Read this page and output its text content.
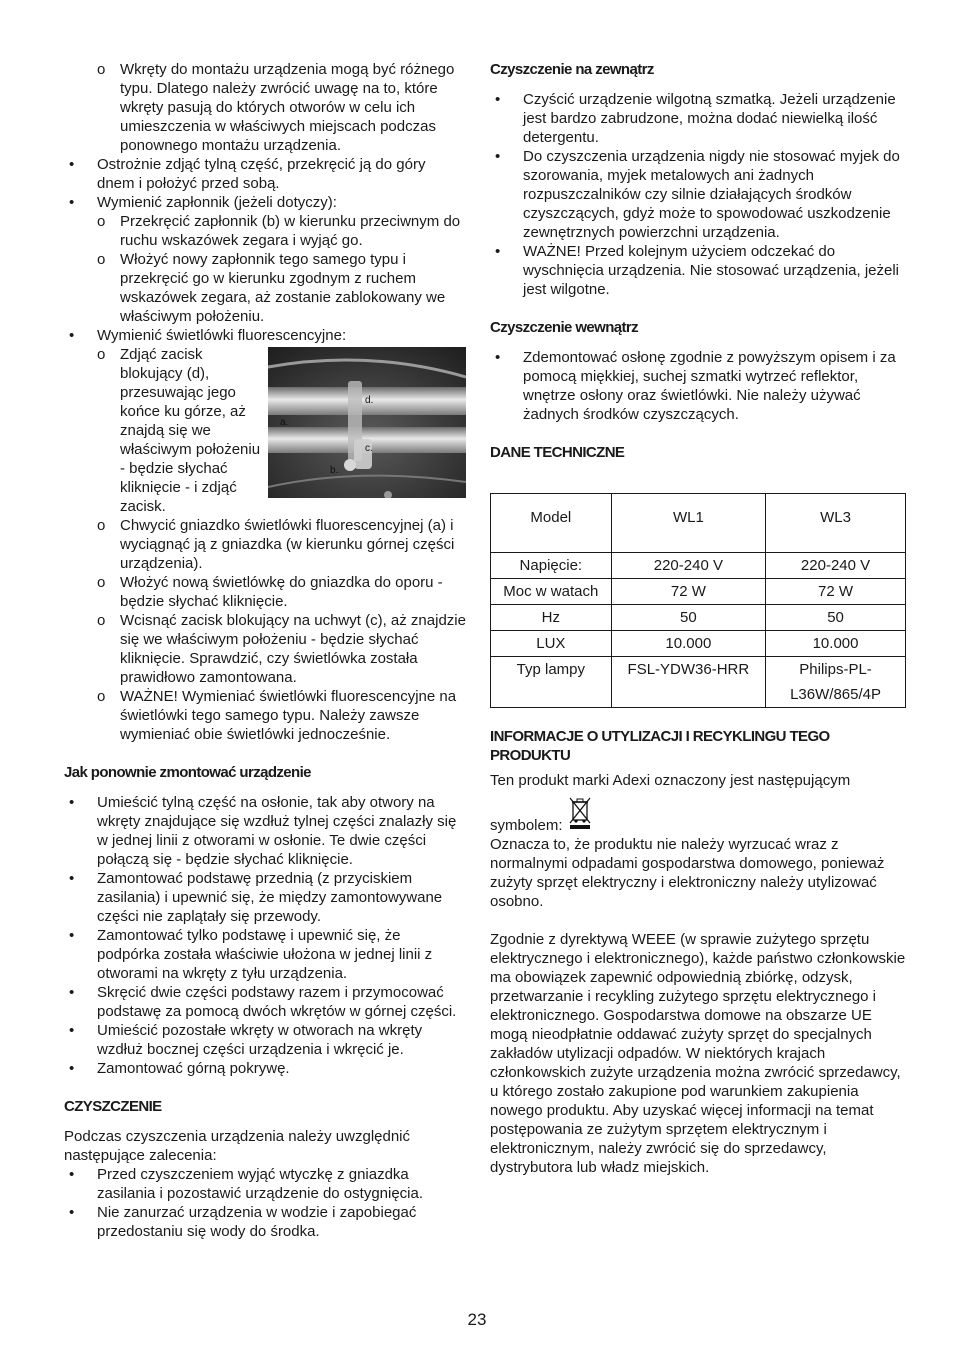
o Wkręty do montażu urządzenia mogą być różnego typu. Dlatego należy zwrócić uwagę na to, które wkręty pasują do których otworów w celu ich umieszczenia w właściwych miejscach podczas ponownego montażu urządzenia.
• Ostrożnie zdjąć tylną część, przekręcić ją do góry dnem i położyć przed sobą.
• Wymienić zapłonnik (jeżeli dotyczy):
o Przekręcić zapłonnik (b) w kierunku przeciwnym do ruchu wskazówek zegara i wyjąć go.
o Włożyć nowy zapłonnik tego samego typu i przekręcić go w kierunku zgodnym z ruchem wskazówek zegara, aż zostanie zablokowany we właściwym położeniu.
• Wymienić świetlówki fluorescencyjne:
o Zdjąć zacisk blokujący (d), przesuwając jego końce ku górze, aż znajdą się we właściwym położeniu - będzie słychać kliknięcie - i zdjąć zacisk.
a.
b.
c.
d.
o Chwycić gniazdko świetlówki fluorescencyjnej (a) i wyciągnąć ją z gniazdka (w kierunku górnej części urządzenia).
o Włożyć nową świetlówkę do gniazdka do oporu - będzie słychać kliknięcie.
o Wcisnąć zacisk blokujący na uchwyt (c), aż znajdzie się we właściwym położeniu - będzie słychać kliknięcie. Sprawdzić, czy świetlówka została prawidłowo zamontowana.
o WAŻNE! Wymieniać świetlówki fluorescencyjne na świetlówki tego samego typu. Należy zawsze wymieniać obie świetlówki jednocześnie.
Jak ponownie zmontować urządzenie
• Umieścić tylną część na osłonie, tak aby otwory na wkręty znajdujące się wzdłuż tylnej części znalazły się w jednej linii z otworami w osłonie. Te dwie części połączą się - będzie słychać kliknięcie.
• Zamontować podstawę przednią (z przyciskiem zasilania) i upewnić się, że między zamontowywane części nie zaplątały się przewody.
• Zamontować tylko podstawę i upewnić się, że podpórka została właściwie ułożona w jednej linii z otworami na wkręty z tyłu urządzenia.
• Skręcić dwie części podstawy razem i przymocować podstawę za pomocą dwóch wkrętów w górnej części.
• Umieścić pozostałe wkręty w otworach na wkręty wzdłuż bocznej części urządzenia i wkręcić je.
• Zamontować górną pokrywę.
CZYSZCZENIE

Podczas czyszczenia urządzenia należy uwzględnić następujące zalecenia:

• Przed czyszczeniem wyjąć wtyczkę z gniazdka zasilania i pozostawić urządzenie do ostygnięcia.
• Nie zanurzać urządzenia w wodzie i zapobiegać przedostaniu się wody do środka.
Czyszczenie na zewnątrz
• Czyścić urządzenie wilgotną szmatką. Jeżeli urządzenie jest bardzo zabrudzone, można dodać niewielką ilość detergentu.
• Do czyszczenia urządzenia nigdy nie stosować myjek do szorowania, myjek metalowych ani żadnych rozpuszczalników czy silnie działających środków czyszczących, gdyż może to spowodować uszkodzenie zewnętrznych powierzchni urządzenia.
• WAŻNE! Przed kolejnym użyciem odczekać do wyschnięcia urządzenia. Nie stosować urządzenia, jeżeli jest wilgotne.
Czyszczenie wewnątrz
• Zdemontować osłonę zgodnie z powyższym opisem i za pomocą miękkiej, suchej szmatki wytrzeć reflektor, wnętrze osłony oraz świetlówki. Nie należy używać żadnych środków czyszczących.
DANE TECHNICZNE
Model	WL1	WL3
Napięcie:	220-240 V	220-240 V
Moc w watach	72 W	72 W
Hz	50	50
LUX	10.000	10.000
Typ lampy	FSL-YDW36-HRR	Philips-PL-L36W/865/4P
INFORMACJE O UTYLIZACJI I RECYKLINGU TEGO PRODUKTU

Ten produkt marki Adexi oznaczony jest następującym

symbolem:

Oznacza to, że produktu nie należy wyrzucać wraz z normalnymi odpadami gospodarstwa domowego, ponieważ zużyty sprzęt elektryczny i elektroniczny należy utylizować osobno.

Zgodnie z dyrektywą WEEE (w sprawie zużytego sprzętu elektrycznego i elektronicznego), każde państwo członkowskie ma obowiązek zapewnić odpowiednią zbiórkę, odzysk, przetwarzanie i recykling zużytego sprzętu elektrycznego i elektronicznego. Gospodarstwa domowe na obszarze UE mogą nieodpłatnie oddawać zużyty sprzęt do specjalnych zakładów utylizacji odpadów. W niektórych krajach członkowskich zużyte urządzenia można zwrócić sprzedawcy, u którego zostało zakupione pod warunkiem zakupienia nowego produktu. Aby uzyskać więcej informacji na temat postępowania ze zużytym sprzętem elektrycznym i elektronicznym, należy zwrócić się do sprzedawcy, dystrybutora lub władz miejskich.

23
